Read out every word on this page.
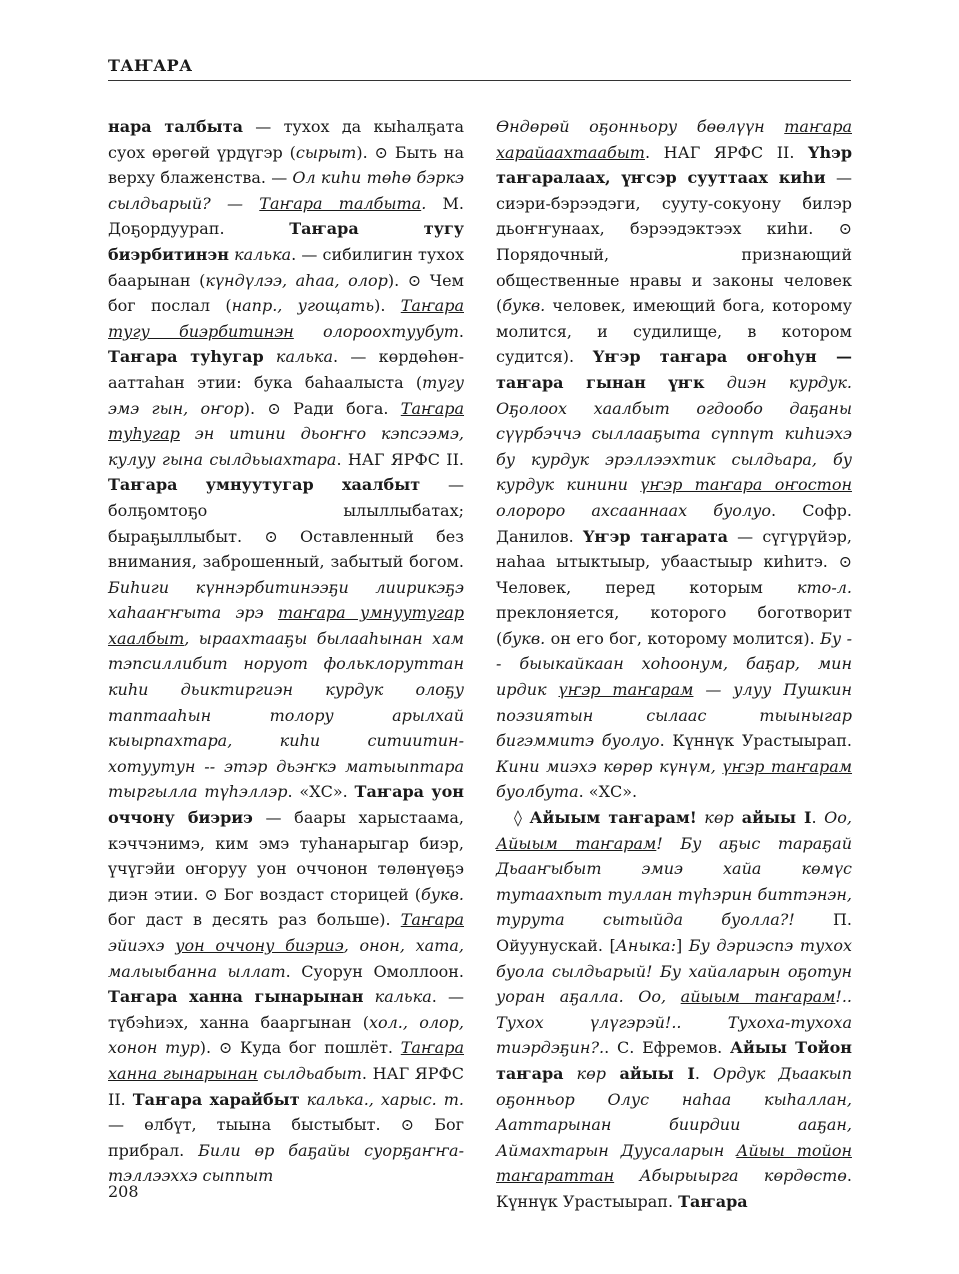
ТАҤАРА

нара талбыта — тухох да кыһалҕата суох өрөгөй үрдүгэр (сырыт). ⊙ Быть на верху блаженства. — Ол киһи төһө бэркэ сылдьарый? — Таҥара талбыта. М. Доҕордуурап. Таҥара тугу биэрбитинэн калька. — сибилигин тухох баарынан (күндүлээ, аһаа, олор). ⊙ Чем бог послал (напр., угощать). Таҥара тугу биэрбитинэн олороохтуубут. Таҥара туһугар калька. — көрдөһөн-ааттаһан этии: бука баһаалыста (тугу эмэ гын, оҥор). ⊙ Ради бога. Таҥара туһугар эн итини дьоҥҥо кэпсээмэ, кулуу гына сылдьыахтара. НАГ ЯРФС II. Таҥара умнуутугар хаалбыт — болҕомтоҕо ылыллыбатах; быраҕыллыбыт. ⊙ Оставленный без внимания, заброшенный, забытый богом. Биһиги күннэрбитинээҕи лиирикэҕэ хаһааҥҥыта эрэ таҥара умнуутугар хаалбыт, ыраахтааҕы былааһынан хам тэпсиллибит норуот фольклоруттан киһи дьиктиргиэн курдук олоҕу таптааһын толору арылхай кыырпахтара, киһи ситиитин-хотуутун -- этэр дьэҥкэ матыыптара тыргылла түһэллэр. «ХС». Таҥара уон оччону биэриэ — баары харыстаама, кэччэнимэ, ким эмэ туһанарыгар биэр, үчүгэйи оҥоруу уон оччонон төлөнүөҕэ диэн этии. ⊙ Бог воздаст сторицей (букв. бог даст в десять раз больше). Таҥара эйиэхэ уон оччону биэриэ, онон, хата, малыыбанна ыллат. Суорун Омоллоон. Таҥара ханна гынарынан калька. — түбэһиэх, ханна бааргынан (хол., олор, хонон тур). ⊙ Куда бог пошлёт. Таҥара ханна гынарынан сылдьабыт. НАГ ЯРФС II. Таҥара харайбыт калька., харыс. т. — өлбүт, тыына быстыбыт. ⊙ Бог прибрал. Били өр баҕайы суорҕаҥҥа-тэллээххэ сыппыт

Өндөрөй оҕонньору бөөлүүн таҥара харайаахтаабыт. НАГ ЯРФС II. Үһэр таҥаралаах, үҥсэр сууттаах киһи — сиэри-бэрээдэги, сууту-сокуону билэр дьоҥҥунаах, бэрээдэктээх киһи. ⊙ Порядочный, признающий общественные нравы и законы человек (букв. человек, имеющий бога, которому молится, и судилище, в котором судится). Үҥэр таҥара оҥоһун — таҥара гынан үҥк диэн курдук. Оҕолоох хаалбыт огдообо даҕаны сүүрбэччэ сыллааҕыта сүппүт киһиэхэ бу курдук эрэллээхтик сылдьара, бу курдук кинини үҥэр таҥара оҥостон олороро ахсааннаах буолуо. Софр. Данилов. Үҥэр таҥарата — сүгүрүйэр, наһаа ытыктыыр, убаастыыр киһитэ. ⊙ Человек, перед которым кто-л. преклоняется, которого боготворит (букв. он его бог, которому молится). Бу -- быыкайкаан хоһоонум, баҕар, мин ирдик үҥэр таҥарам — улуу Пушкин поэзиятын сылаас тыыныгар бигэммитэ буолуо. Күннүк Урастыырап. Кини миэхэ көрөр күнүм, үҥэр таҥарам буолбута. «ХС».

◊ Айыым таҥарам! көр айыы I. Оо, Айыым таҥарам! Бу аҕыс тараҕай Дьааҥыбыт эмиэ хайа көмүс тутаахпыт туллан түһэрин биттэнэн, турута сытыйда буолла?! П. Ойуунускай. [Аныка:] Бу дэриэспэ тухох буола сылдьарый! Бу хайаларын оҕотун уоран аҕалла. Оо, айыым таҥарам!.. Тухох үлүгэрэй!.. Тухоха-тухоха тиэрдэҕин?.. С. Ефремов. Айыы Тойон таҥара көр айыы I. Ордук Дьаакып оҕонньор Олус наһаа кыһаллан, Ааттарынан биирдии ааҕан, Аймахтарын Дуусаларын Айыы тойон таҥараттан Абырыырга көрдөстө. Күннүк Урастыырап. Таҥара

208
